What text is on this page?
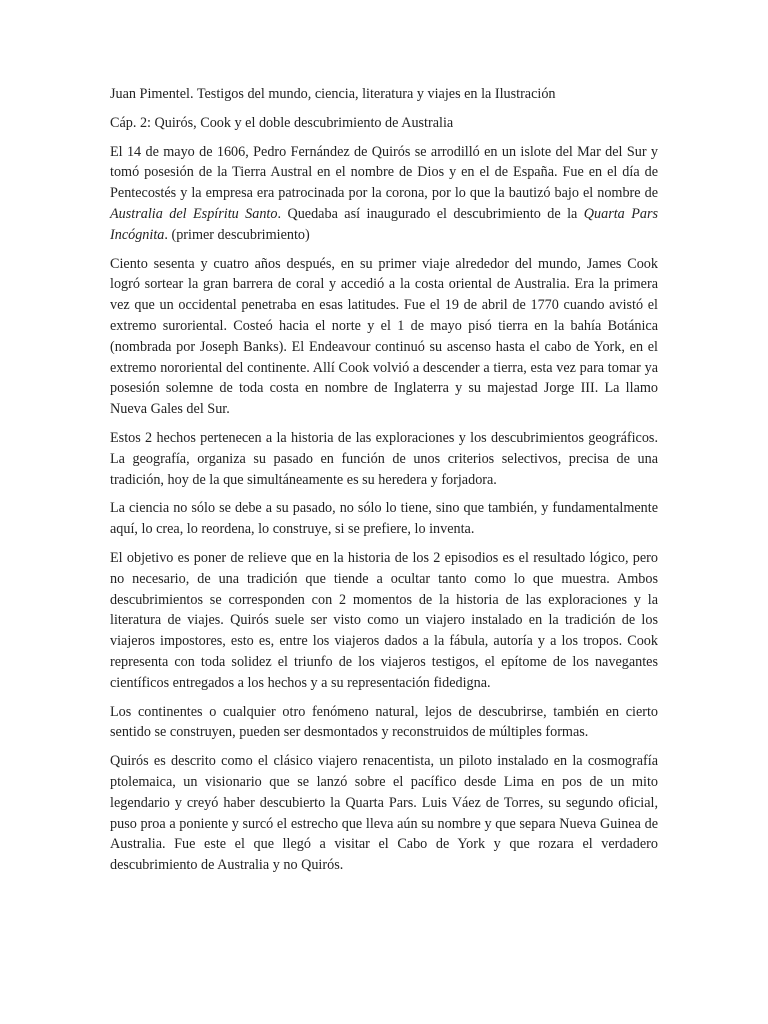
Juan Pimentel. Testigos del mundo, ciencia, literatura y viajes en la Ilustración

Cáp. 2: Quirós, Cook y el doble descubrimiento de Australia

El 14 de mayo de 1606, Pedro Fernández de Quirós se arrodilló en un islote del Mar del Sur y tomó posesión de la Tierra Austral en el nombre de Dios y en el de España. Fue en el día de Pentecostés y la empresa era patrocinada por la corona, por lo que la bautizó bajo el nombre de Australia del Espíritu Santo. Quedaba así inaugurado el descubrimiento de la Quarta Pars Incógnita. (primer descubrimiento)

Ciento sesenta y cuatro años después, en su primer viaje alrededor del mundo, James Cook logró sortear la gran barrera de coral y accedió a la costa oriental de Australia. Era la primera vez que un occidental penetraba en esas latitudes. Fue el 19 de abril de 1770 cuando avistó el extremo suroriental. Costeó hacia el norte y el 1 de mayo pisó tierra en la bahía Botánica (nombrada por Joseph Banks). El Endeavour continuó su ascenso hasta el cabo de York, en el extremo nororiental del continente. Allí Cook volvió a descender a tierra, esta vez para tomar ya posesión solemne de toda costa en nombre de Inglaterra y su majestad Jorge III. La llamo Nueva Gales del Sur.

Estos 2 hechos pertenecen a la historia de las exploraciones y los descubrimientos geográficos. La geografía, organiza su pasado en función de unos criterios selectivos, precisa de una tradición, hoy de la que simultáneamente es su heredera y forjadora.

La ciencia no sólo se debe a su pasado, no sólo lo tiene, sino que también, y fundamentalmente aquí, lo crea, lo reordena, lo construye, si se prefiere, lo inventa.

El objetivo es poner de relieve que en la historia de los 2 episodios es el resultado lógico, pero no necesario, de una tradición que tiende a ocultar tanto como lo que muestra. Ambos descubrimientos se corresponden con 2 momentos de la historia de las exploraciones y la literatura de viajes. Quirós suele ser visto como un viajero instalado en la tradición de los viajeros impostores, esto es, entre los viajeros dados a la fábula, autoría y a los tropos. Cook representa con toda solidez el triunfo de los viajeros testigos, el epítome de los navegantes científicos entregados a los hechos y a su representación fidedigna.

Los continentes o cualquier otro fenómeno natural, lejos de descubrirse, también en cierto sentido se construyen, pueden ser desmontados y reconstruidos de múltiples formas.

Quirós es descrito como el clásico viajero renacentista, un piloto instalado en la cosmografía ptolemaica, un visionario que se lanzó sobre el pacífico desde Lima en pos de un mito legendario y creyó haber descubierto la Quarta Pars. Luis Váez de Torres, su segundo oficial, puso proa a poniente y surcó el estrecho que lleva aún su nombre y que separa Nueva Guinea de Australia. Fue este el que llegó a visitar el Cabo de York y que rozara el verdadero descubrimiento de Australia y no Quirós.
